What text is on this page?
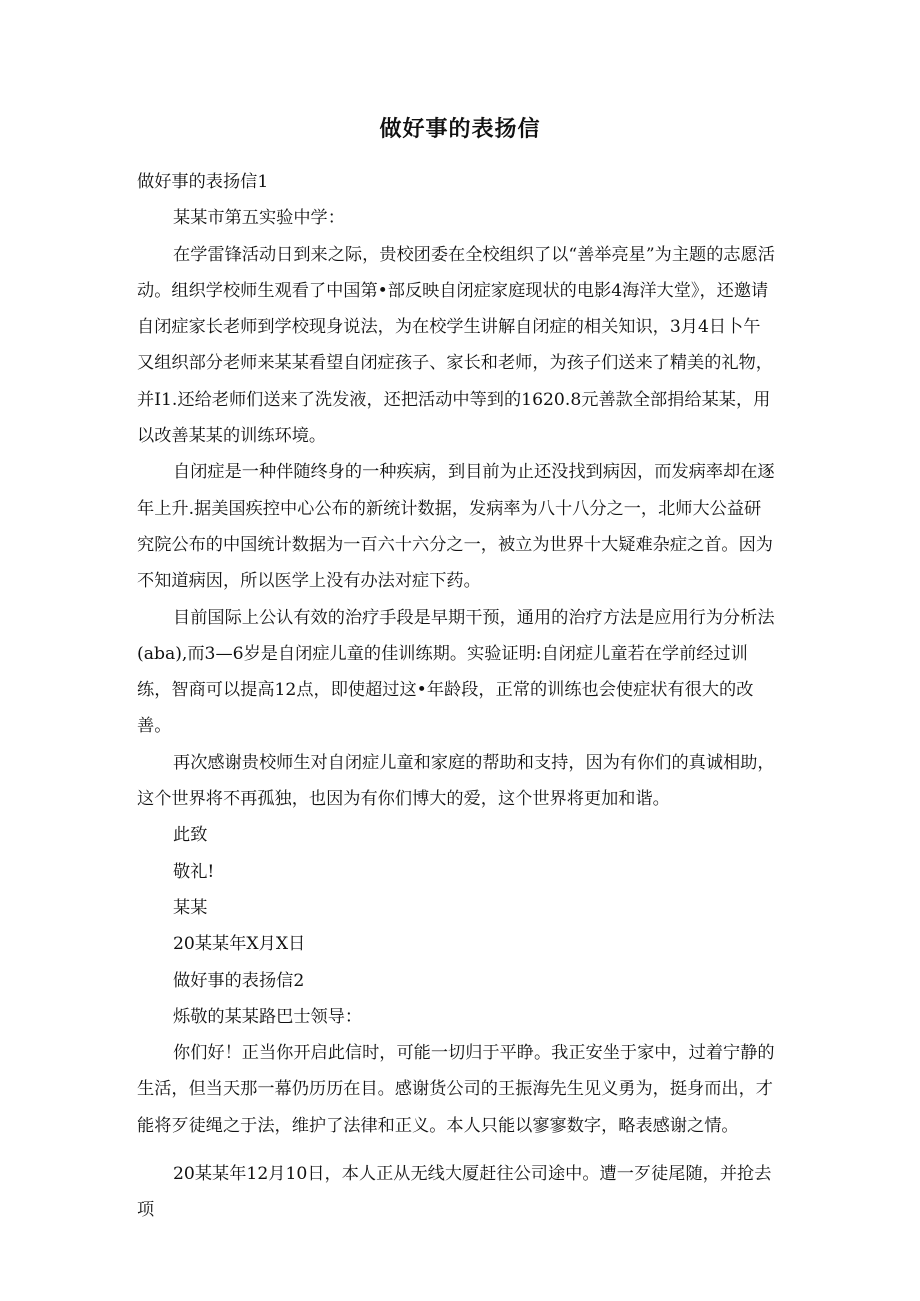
做好事的表扬信

做好事的表扬信1

某某市第五实验中学：

在学雷锋活动日到来之际，贵校团委在全校组织了以“善举亮星”为主题的志愿活动。组织学校师生观看了中国第•部反映自闭症家庭现状的电影4海洋大堂》，还邀请自闭症家长老师到学校现身说法，为在校学生讲解自闭症的相关知识，3月4日卜午又组织部分老师来某某看望自闭症孩子、家长和老师，为孩子们送来了精美的礼物，并I1.还给老师们送来了洗发液，还把活动中等到的1620.8元善款全部捐给某某，用以改善某某的训练环境。

自闭症是一种伴随终身的一种疾病，到目前为止还没找到病因，而发病率却在逐年上升.据美国疾控中心公布的新统计数据，发病率为八十八分之一，北师大公益研究院公布的中国统计数据为一百六十六分之一，被立为世界十大疑难杂症之首。因为不知道病因，所以医学上没有办法对症下药。

目前国际上公认有效的治疗手段是早期干预，通用的治疗方法是应用行为分析法(aba),而3—6岁是自闭症儿童的佳训练期。实验证明:自闭症儿童若在学前经过训练，智商可以提高12点，即使超过这•年龄段，正常的训练也会使症状有很大的改善。

再次感谢贵校师生对自闭症儿童和家庭的帮助和支持，因为有你们的真诚相助，这个世界将不再孤独，也因为有你们博大的爱，这个世界将更加和谐。

此致

敬礼!

某某

20某某年X月X日

做好事的表扬信2

烁敬的某某路巴士领导：

你们好！正当你开启此信时，可能一切归于平睁。我正安坐于家中，过着宁静的生活，但当天那一幕仍历历在目。感谢货公司的王振海先生见义勇为，挺身而出，才能将歹徒绳之于法，维护了法律和正义。本人只能以寥寥数字，略表感谢之情。

20某某年12月10日，本人正从无线大厦赶往公司途中。遭一歹徒尾随，并抢去项
